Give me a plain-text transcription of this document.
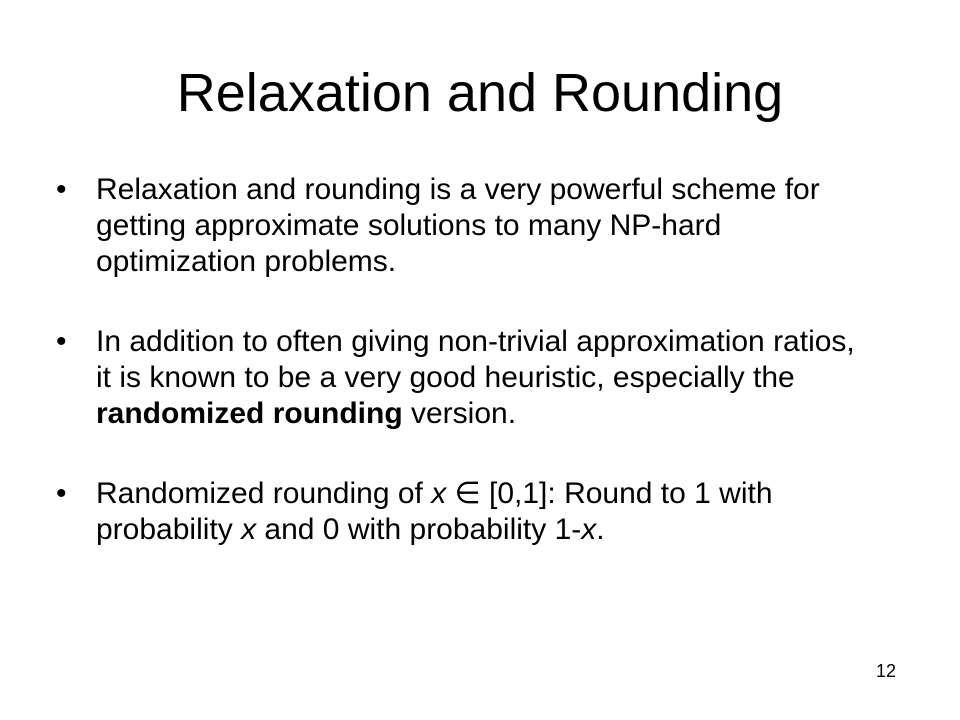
Relaxation and Rounding
• Relaxation and rounding is a very powerful scheme for getting approximate solutions to many NP-hard optimization problems.
• In addition to often giving non-trivial approximation ratios, it is known to be a very good heuristic, especially the randomized rounding version.
• Randomized rounding of x ∈ [0,1]: Round to 1 with probability x and 0 with probability 1-x.
12
